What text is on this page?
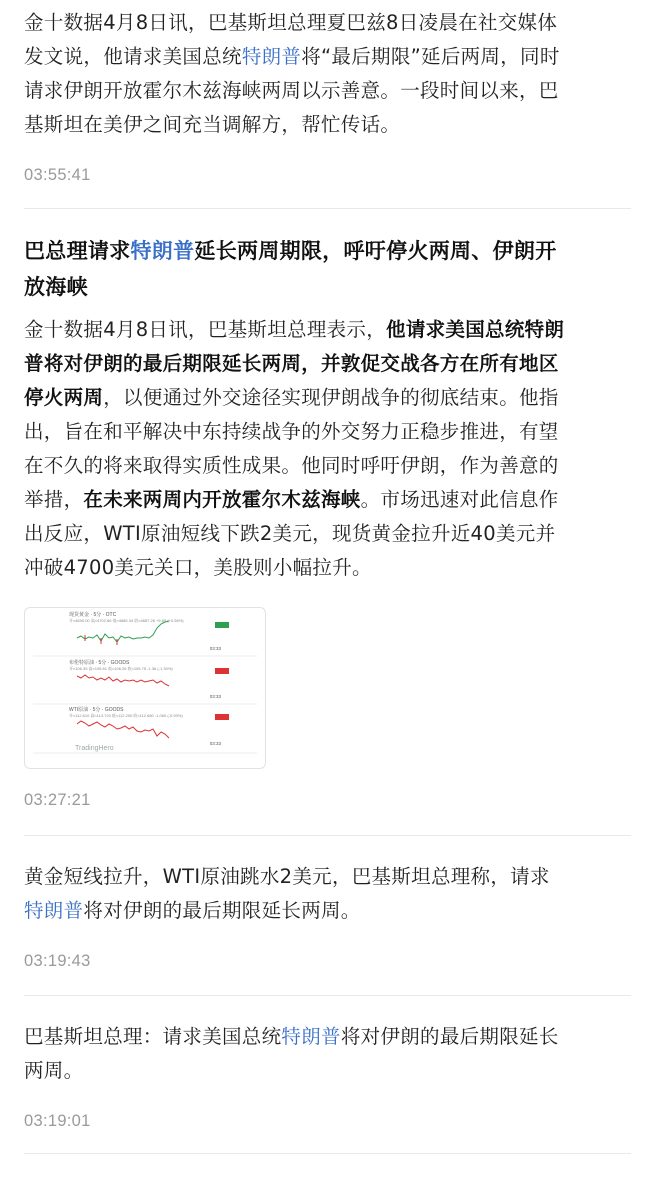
金十数据4月8日讯，巴基斯坦总理夏巴兹8日凌晨在社交媒体
发文说，他请求美国总统特朗普将“最后期限”延后两周，同时
请求伊朗开放霍尔木兹海峡两周以示善意。一段时间以来，巴
基斯坦在美伊之间充当调解方，帮忙传话。

03:55:41
巴总理请求特朗普延长两周期限，呼吁停火两周、伊朗开
放海峡

金十数据4月8日讯，巴基斯坦总理表示，他请求美国总统特朗
普将对伊朗的最后期限延长两周，并敦促交战各方在所有地区
停火两周，以便通过外交途径实现伊朗战争的彻底结束。他指
出，旨在和平解决中东持续战争的外交努力正稳步推进，有望
在不久的将来取得实质性成果。他同时呼吁伊朗，作为善意的
举措，在未来两周内开放霍尔木兹海峡。市场迅速对此信息作
出反应，WTI原油短线下跌2美元，现货黄金拉升近40美元并
冲破4700美元关口，美股则小幅拉升。

现货黄金 · 5分 · OTC
开≈4690.00 高≈4702.66 低≈4685.34 收≈4687.26 +5.89 (+0.56%)
03:33
布伦特原油 · 5分 · GOODS
开≈106.39 高≈105.81 低≈106.26 收≈105.75 -1.36 (-1.30%)
03:33
WTI原油 · 5分 · GOODS
开≈112.610 高≈113.720 低≈112.200 收≈112.660 -1.060 (-0.93%)
03:33
TradingHero
03:27:21

黄金短线拉升，WTI原油跳水2美元，巴基斯坦总理称，请求
特朗普将对伊朗的最后期限延长两周。

03:19:43

巴基斯坦总理：请求美国总统特朗普将对伊朗的最后期限延长
两周。

03:19:01
